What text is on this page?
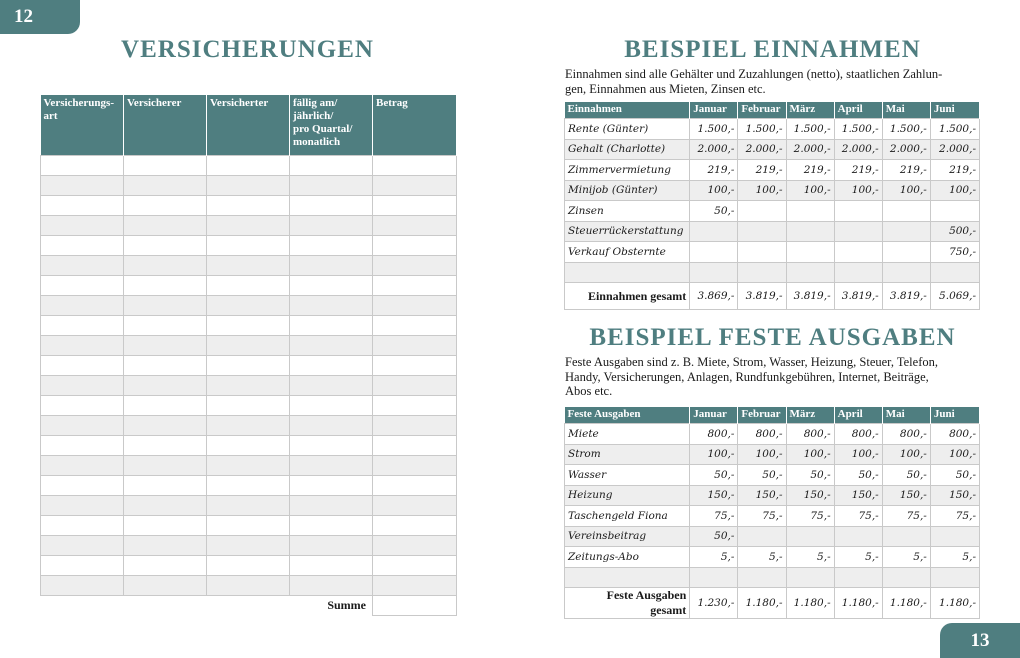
12
13
VERSICHERUNGEN
Versicherungs-
art	Versicherer	Versicherter	fällig am/
jährlich/
pro Quartal/
monatlich	Betrag

Summe				
BEISPIEL EINNAHMEN

Einnahmen sind alle Gehälter und Zuzahlungen (netto), staatlichen Zahlun-
gen, Einnahmen aus Mieten, Zinsen etc.

Einnahmen	Januar	Februar	März	April	Mai	Juni
Rente (Günter)	1.500,-	1.500,-	1.500,-	1.500,-	1.500,-	1.500,-
Gehalt (Charlotte)	2.000,-	2.000,-	2.000,-	2.000,-	2.000,-	2.000,-
Zimmervermietung	219,-	219,-	219,-	219,-	219,-	219,-
Minijob (Günter)	100,-	100,-	100,-	100,-	100,-	100,-
Zinsen	50,-					
Steuerrückerstattung						500,-
Verkauf Obsternte						750,-

Einnahmen gesamt	3.869,-	3.819,-	3.819,-	3.819,-	3.819,-	5.069,-
BEISPIEL FESTE AUSGABEN

Feste Ausgaben sind z. B. Miete, Strom, Wasser, Heizung, Steuer, Telefon,
Handy, Versicherungen, Anlagen, Rundfunkgebühren, Internet, Beiträge,
Abos etc.

Feste Ausgaben	Januar	Februar	März	April	Mai	Juni
Miete	800,-	800,-	800,-	800,-	800,-	800,-
Strom	100,-	100,-	100,-	100,-	100,-	100,-
Wasser	50,-	50,-	50,-	50,-	50,-	50,-
Heizung	150,-	150,-	150,-	150,-	150,-	150,-
Taschengeld Fiona	75,-	75,-	75,-	75,-	75,-	75,-
Vereinsbeitrag	50,-					
Zeitungs-Abo	5,-	5,-	5,-	5,-	5,-	5,-

Feste Ausgaben gesamt	1.230,-	1.180,-	1.180,-	1.180,-	1.180,-	1.180,-
